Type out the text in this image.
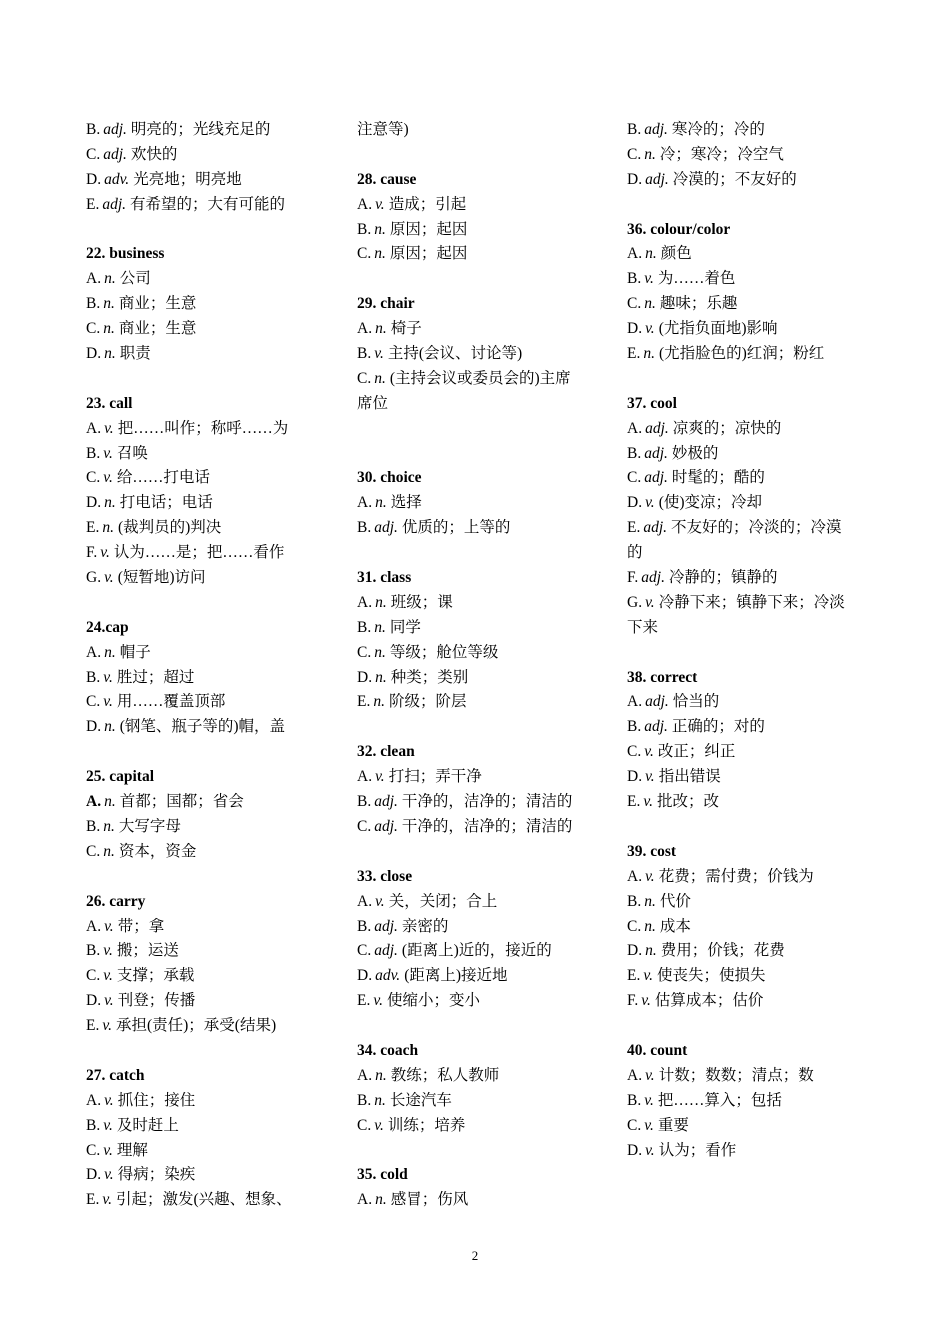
B. adj. 明亮的；光线充足的
C. adj. 欢快的
D. adv. 光亮地；明亮地
E. adj. 有希望的；大有可能的
22. business
A. n. 公司
B. n. 商业；生意
C. n. 商业；生意
D. n. 职责
23. call
A. v. 把……叫作；称呼……为
B. v. 召唤
C. v. 给……打电话
D. n. 打电话；电话
E. n. (裁判员的)判决
F. v. 认为……是；把……看作
G. v. (短暂地)访问
24.cap
A. n. 帽子
B. v. 胜过；超过
C. v. 用……覆盖顶部
D. n. (钢笔、瓶子等的)帽，盖
25. capital
A. n. 首都；国都；省会
B. n. 大写字母
C. n. 资本，资金
26. carry
A. v. 带；拿
B. v. 搬；运送
C. v. 支撑；承载
D. v. 刊登；传播
E. v. 承担(责任)；承受(结果)
27. catch
A. v. 抓住；接住
B. v. 及时赶上
C. v. 理解
D. v. 得病；染疾
E. v. 引起；激发(兴趣、想象、
注意等)
28. cause
A. v. 造成；引起
B. n. 原因；起因
C. n. 原因；起因
29. chair
A. n. 椅子
B. v. 主持(会议、讨论等)
C. n. (主持会议或委员会的)主席
席位
30. choice
A. n. 选择
B. adj. 优质的；上等的
31. class
A. n. 班级；课
B. n. 同学
C. n. 等级；舱位等级
D. n. 种类；类别
E. n. 阶级；阶层
32. clean
A. v. 打扫；弄干净
B. adj. 干净的，洁净的；清洁的
C. adj. 干净的，洁净的；清洁的
33. close
A. v. 关，关闭；合上
B. adj. 亲密的
C. adj. (距离上)近的，接近的
D. adv. (距离上)接近地
E. v. 使缩小；变小
34. coach
A. n. 教练；私人教师
B. n. 长途汽车
C. v. 训练；培养
35. cold
A. n. 感冒；伤风
B. adj. 寒冷的；冷的
C. n. 冷；寒冷；冷空气
D. adj. 冷漠的；不友好的
36. colour/color
A. n. 颜色
B. v. 为……着色
C. n. 趣味；乐趣
D. v. (尤指负面地)影响
E. n. (尤指脸色的)红润；粉红
37. cool
A. adj. 凉爽的；凉快的
B. adj. 妙极的
C. adj. 时髦的；酷的
D. v. (使)变凉；冷却
E. adj. 不友好的；冷淡的；冷漠
的
F. adj. 冷静的；镇静的
G. v. 冷静下来；镇静下来；冷淡
下来
38. correct
A. adj. 恰当的
B. adj. 正确的；对的
C. v. 改正；纠正
D. v. 指出错误
E. v. 批改；改
39. cost
A. v. 花费；需付费；价钱为
B. n. 代价
C. n. 成本
D. n. 费用；价钱；花费
E. v. 使丧失；使损失
F. v. 估算成本；估价
40. count
A. v. 计数；数数；清点；数
B. v. 把……算入；包括
C. v. 重要
D. v. 认为；看作
2
